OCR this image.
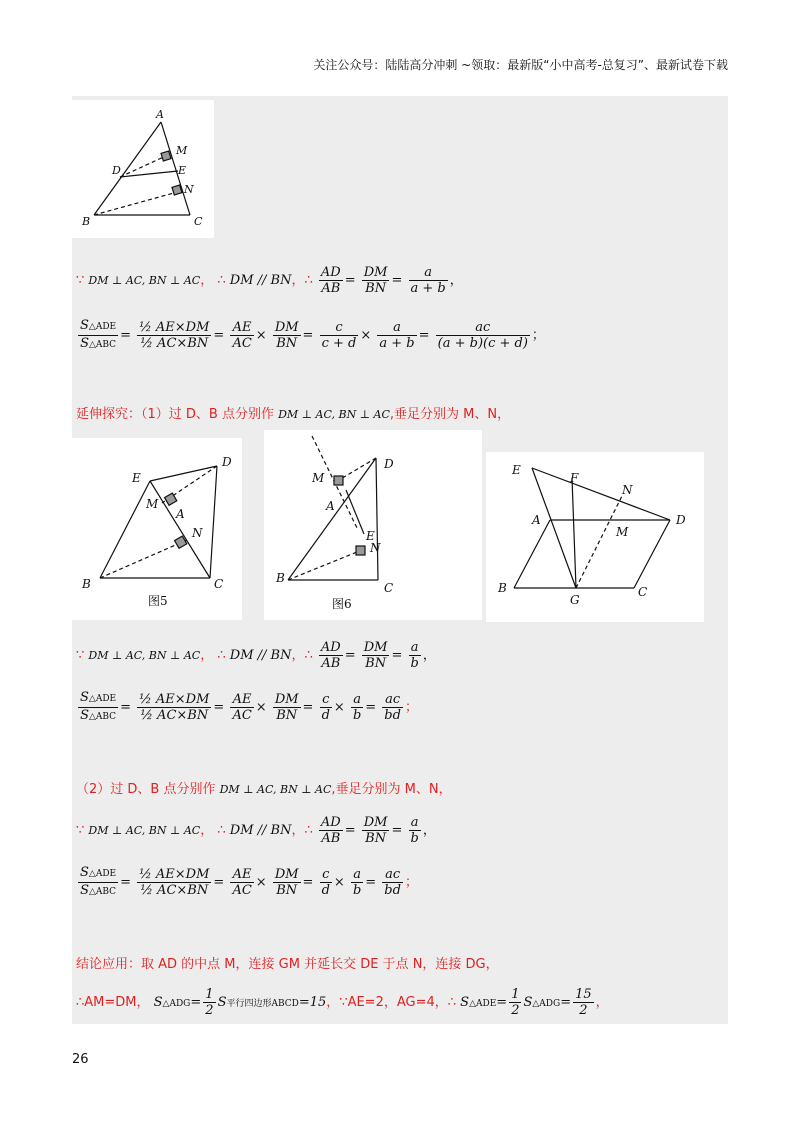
关注公众号：陆陆高分冲刺 ~领取：最新版“小中高考-总复习”、最新试卷下载
A
M
D	E
N
B	C
∵ DM ⊥ AC, BN ⊥ AC， ∴ DM // BN，∴ $\frac{AD}{AB} = \frac{DM}{BN} = \frac{a}{a + b}$ ，
$\frac{\text{S△ADE}}{\text{S△ABC}} = \frac{\text{½ AE×DM}}{\text{½ AC×BN}} = \frac{AE}{AC} \times \frac{DM}{BN} = \frac{c}{c + d} \times \frac{a}{a + b} = \frac{ac}{(a + b)(c + d)}$ ；
延伸探究：（1）过 D、B 点分别作 DM ⊥ AC, BN ⊥ AC,垂足分别为 M、N，
E
D
M
A
N
B	C
图5
D
M
A
E
N
B
C
图6
E
F
N
A
M
D
B
G
C
∵ DM ⊥ AC, BN ⊥ AC， ∴ DM // BN，∴ $\frac{AD}{AB} = \frac{DM}{BN} = \frac{a}{b}$ ，
$\frac{\text{S△ADE}}{\text{S△ABC}} = \frac{\text{½ AE×DM}}{\text{½ AC×BN}} = \frac{AE}{AC} \times \frac{DM}{BN} = \frac{c}{d} \times \frac{a}{b} = \frac{ac}{bd}$ ；
（2）过 D、B 点分别作 DM ⊥ AC, BN ⊥ AC,垂足分别为 M、N，
∵ DM ⊥ AC, BN ⊥ AC， ∴ DM // BN，∴ $\frac{AD}{AB} = \frac{DM}{BN} = \frac{a}{b}$ ，
$\frac{\text{S△ADE}}{\text{S△ABC}} = \frac{\text{½ AE×DM}}{\text{½ AC×BN}} = \frac{AE}{AC} \times \frac{DM}{BN} = \frac{c}{d} \times \frac{a}{b} = \frac{ac}{bd}$ ；
结论应用：取 AD 的中点 M，连接 GM 并延长交 DE 于点 N，连接 DG，
∴AM=DM， S△ADG= $\frac{1}{2}$ S平行四边形ABCD=15，∵AE=2，AG=4，∴ S△ADE= $\frac{1}{2}$ S△ADG= $\frac{15}{2}$ ，
26
